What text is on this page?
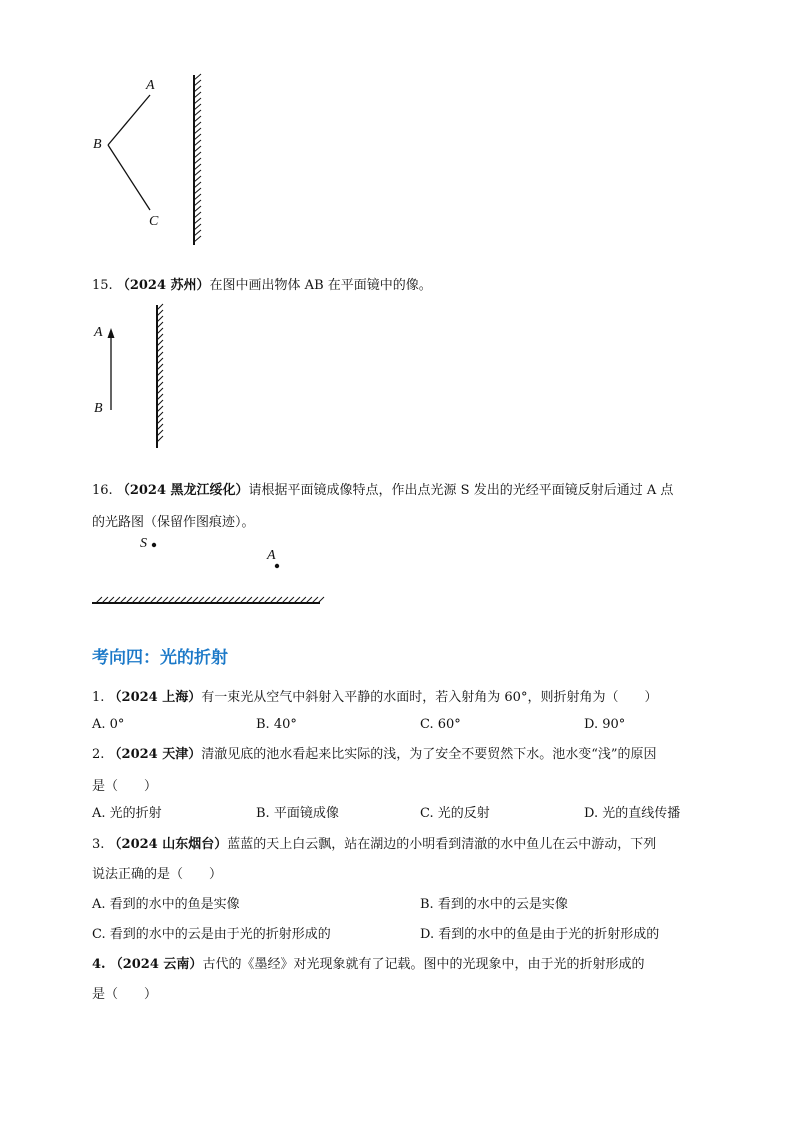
A
B
C
15. （2024 苏州）在图中画出物体 AB 在平面镜中的像。
A
B
16. （2024 黑龙江绥化）请根据平面镜成像特点，作出点光源 S 发出的光经平面镜反射后通过 A 点
的光路图（保留作图痕迹）。
S
A
考向四：光的折射
1. （2024 上海）有一束光从空气中斜射入平静的水面时，若入射角为 60°，则折射角为（　　）
A. 0°	B. 40°	C. 60°	D. 90°
2. （2024 天津）清澈见底的池水看起来比实际的浅，为了安全不要贸然下水。池水变“浅”的原因
是（　　）
A. 光的折射	B. 平面镜成像	C. 光的反射	D. 光的直线传播
3. （2024 山东烟台）蓝蓝的天上白云飘，站在湖边的小明看到清澈的水中鱼儿在云中游动，下列
说法正确的是（　　）
A. 看到的水中的鱼是实像	B. 看到的水中的云是实像
C. 看到的水中的云是由于光的折射形成的	D. 看到的水中的鱼是由于光的折射形成的
4. （2024 云南）古代的《墨经》对光现象就有了记载。图中的光现象中，由于光的折射形成的
是（　　）
